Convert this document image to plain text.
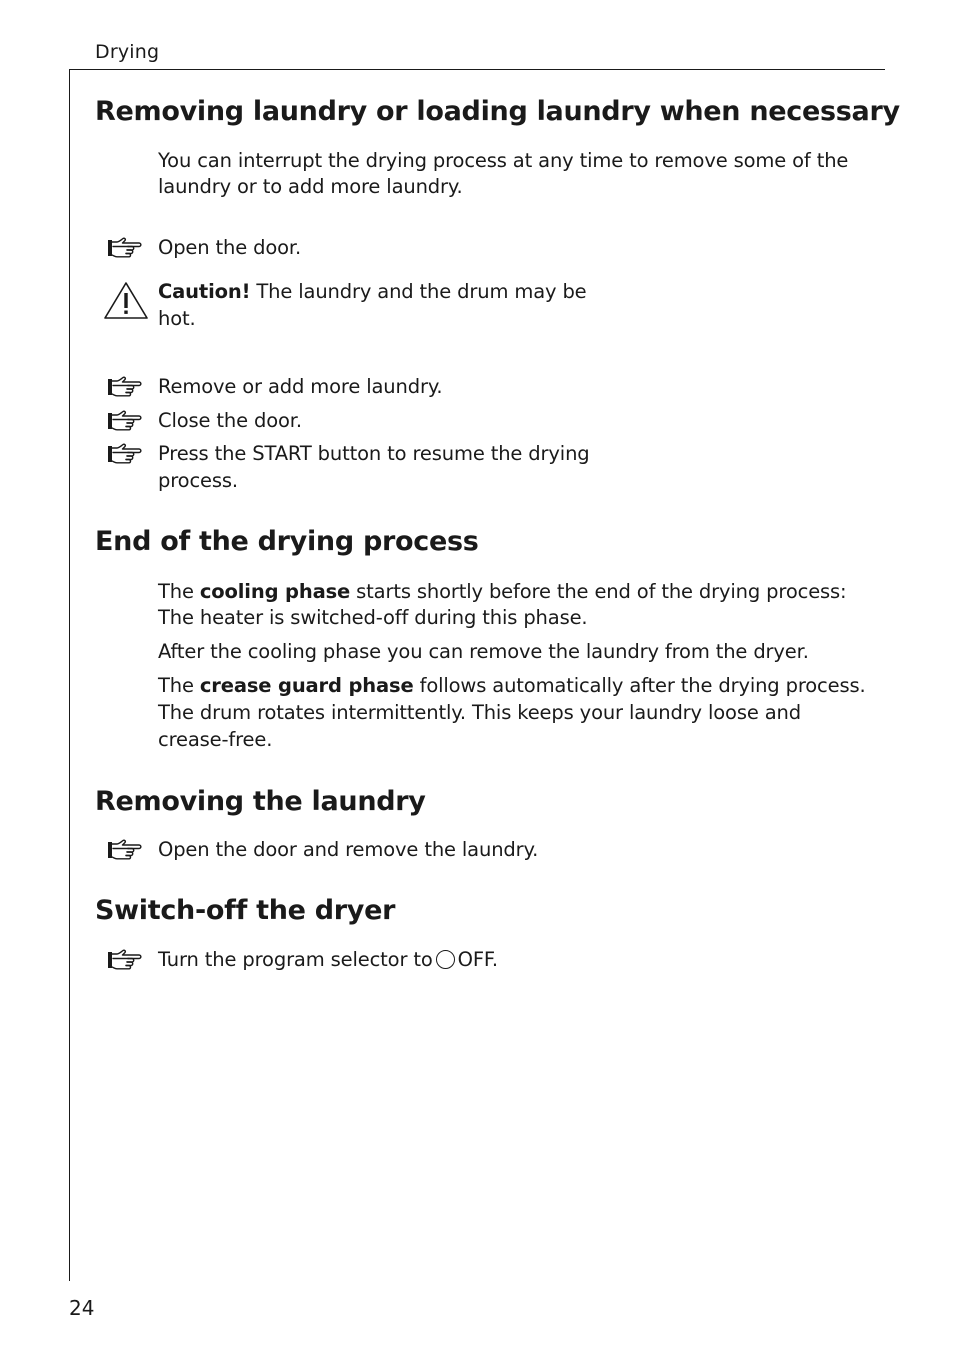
Drying
Removing laundry or loading laundry when necessary

You can interrupt the drying process at any time to remove some of the

laundry or to add more laundry.

Open the door.

Caution! The laundry and the drum may be

hot.

Remove or add more laundry.

Close the door.

Press the START button to resume the drying

process.

End of the drying process

The cooling phase starts shortly before the end of the drying process:

The heater is switched-off during this phase.

After the cooling phase you can remove the laundry from the dryer.

The crease guard phase follows automatically after the drying process.

The drum rotates intermittently. This keeps your laundry loose and

crease-free.

Removing the laundry

Open the door and remove the laundry.

Switch-off the dryer

Turn the program selector to OFF.

24
